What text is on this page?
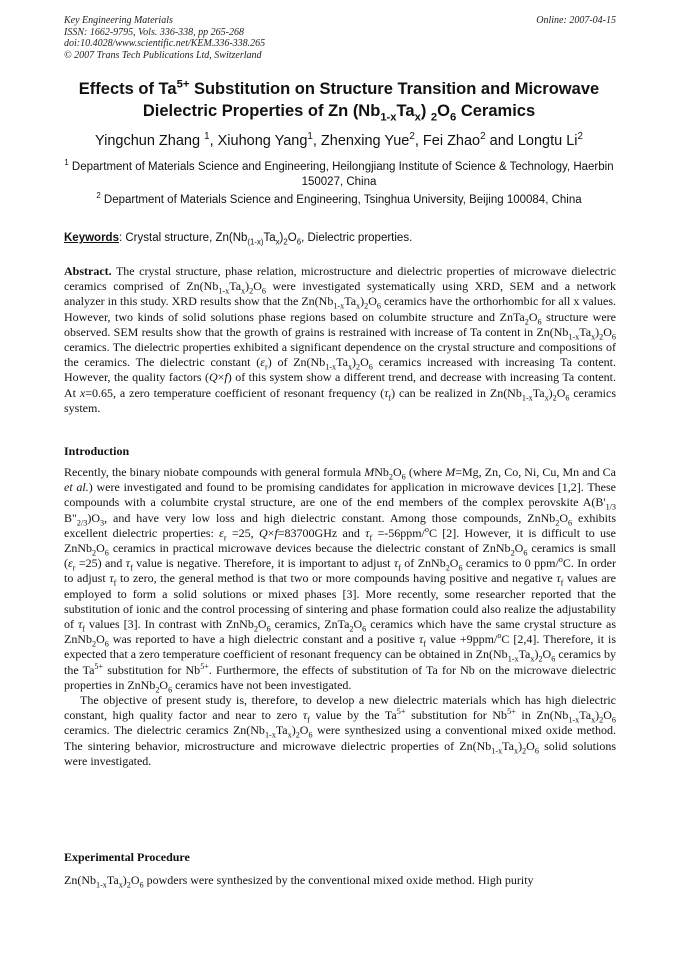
Key Engineering Materials
ISSN: 1662-9795, Vols. 336-338, pp 265-268
doi:10.4028/www.scientific.net/KEM.336-338.265
© 2007 Trans Tech Publications Ltd, Switzerland
Online: 2007-04-15
Effects of $Ta^{5+}$ Substitution on Structure Transition and Microwave
Dielectric Properties of Zn $(Nb_{1-x}Ta_x)$ $_2O_6$ Ceramics
Yingchun Zhang $^1$, Xiuhong Yang$^1$, Zhenxing Yue$^2$, Fei Zhao$^2$ and Longtu Li$^2$
$^1$ Department of Materials Science and Engineering, Heilongjiang Institute of Science & Technology, Haerbin 150027, China
$^2$ Department of Materials Science and Engineering, Tsinghua University, Beijing 100084, China
Keywords: Crystal structure, $Zn(Nb_{(1-x)}Ta_x)_2O_6$, Dielectric properties.
Abstract. The crystal structure, phase relation, microstructure and dielectric properties of microwave dielectric ceramics comprised of $Zn(Nb_{1-x}Ta_x)_2O_6$ were investigated systematically using XRD, SEM and a network analyzer in this study. XRD results show that the $Zn(Nb_{1-x}Ta_x)_2O_6$ ceramics have the orthorhombic for all x values. However, two kinds of solid solutions phase regions based on columbite structure and $ZnTa_2O_6$ structure were observed. SEM results show that the growth of grains is restrained with increase of Ta content in $Zn(Nb_{1-x}Ta_x)_2O_6$ ceramics. The dielectric properties exhibited a significant dependence on the crystal structure and compositions of the ceramics. The dielectric constant $(\varepsilon_r)$ of $Zn(Nb_{1-x}Ta_x)_2O_6$ ceramics increased with increasing Ta content. However, the quality factors (Q×f) of this system show a different trend, and decrease with increasing Ta content. At x=0.65, a zero temperature coefficient of resonant frequency $(\tau_f)$ can be realized in $Zn(Nb_{1-x}Ta_x)_2O_6$ ceramics system.
Introduction

Recently, the binary niobate compounds with general formula $MNb_2O_6$ (where M=Mg, Zn, Co, Ni, Cu, Mn and Ca et al.) were investigated and found to be promising candidates for application in microwave devices [1,2]. These compounds with a columbite crystal structure, are one of the end members of the complex perovskite $A(B'_{1/3}$ $B"_{2/3})O_3$, and have very low loss and high dielectric constant. Among those compounds, $ZnNb_2O_6$ exhibits excellent dielectric properties: $\varepsilon_r =25$, Q×f=83700GHz and $\tau_f =-56ppm/^oC$ [2]. However, it is difficult to use $ZnNb_2O_6$ ceramics in practical microwave devices because the dielectric constant of $ZnNb_2O_6$ ceramics is small $(\varepsilon_r =25)$ and $\tau_f$ value is negative. Therefore, it is important to adjust $\tau_f$ of $ZnNb_2O_6$ ceramics to 0 ppm/$^o$C. In order to adjust $\tau_f$ to zero, the general method is that two or more compounds having positive and negative $\tau_f$ values are employed to form a solid solutions or mixed phases [3]. More recently, some researcher reported that the substitution of ionic and the control processing of sintering and phase formation could also realize the adjustability of $\tau_f$ values [3]. In contrast with $ZnNb_2O_6$ ceramics, $ZnTa_2O_6$ ceramics which have the same crystal structure as $ZnNb_2O_6$ was reported to have a high dielectric constant and a positive $\tau_f$ value +9ppm/$^o$C [2,4]. Therefore, it is expected that a zero temperature coefficient of resonant frequency can be obtained in $Zn(Nb_{1-x}Ta_x)_2O_6$ ceramics by the $Ta^{5+}$ substitution for $Nb^{5+}$. Furthermore, the effects of substitution of Ta for Nb on the microwave dielectric properties in $ZnNb_2O_6$ ceramics have not been investigated.

The objective of present study is, therefore, to develop a new dielectric materials which has high dielectric constant, high quality factor and near to zero $\tau_f$ value by the $Ta^{5+}$ substitution for $Nb^{5+}$ in $Zn(Nb_{1-x}Ta_x)_2O_6$ ceramics. The dielectric ceramics $Zn(Nb_{1-x}Ta_x)_2O_6$ were synthesized using a conventional mixed oxide method. The sintering behavior, microstructure and microwave dielectric properties of $Zn(Nb_{1-x}Ta_x)_2O_6$ solid solutions were investigated.

Experimental Procedure
$Zn(Nb_{1-x}Ta_x)_2O_6$ powders were synthesized by the conventional mixed oxide method. High purity
